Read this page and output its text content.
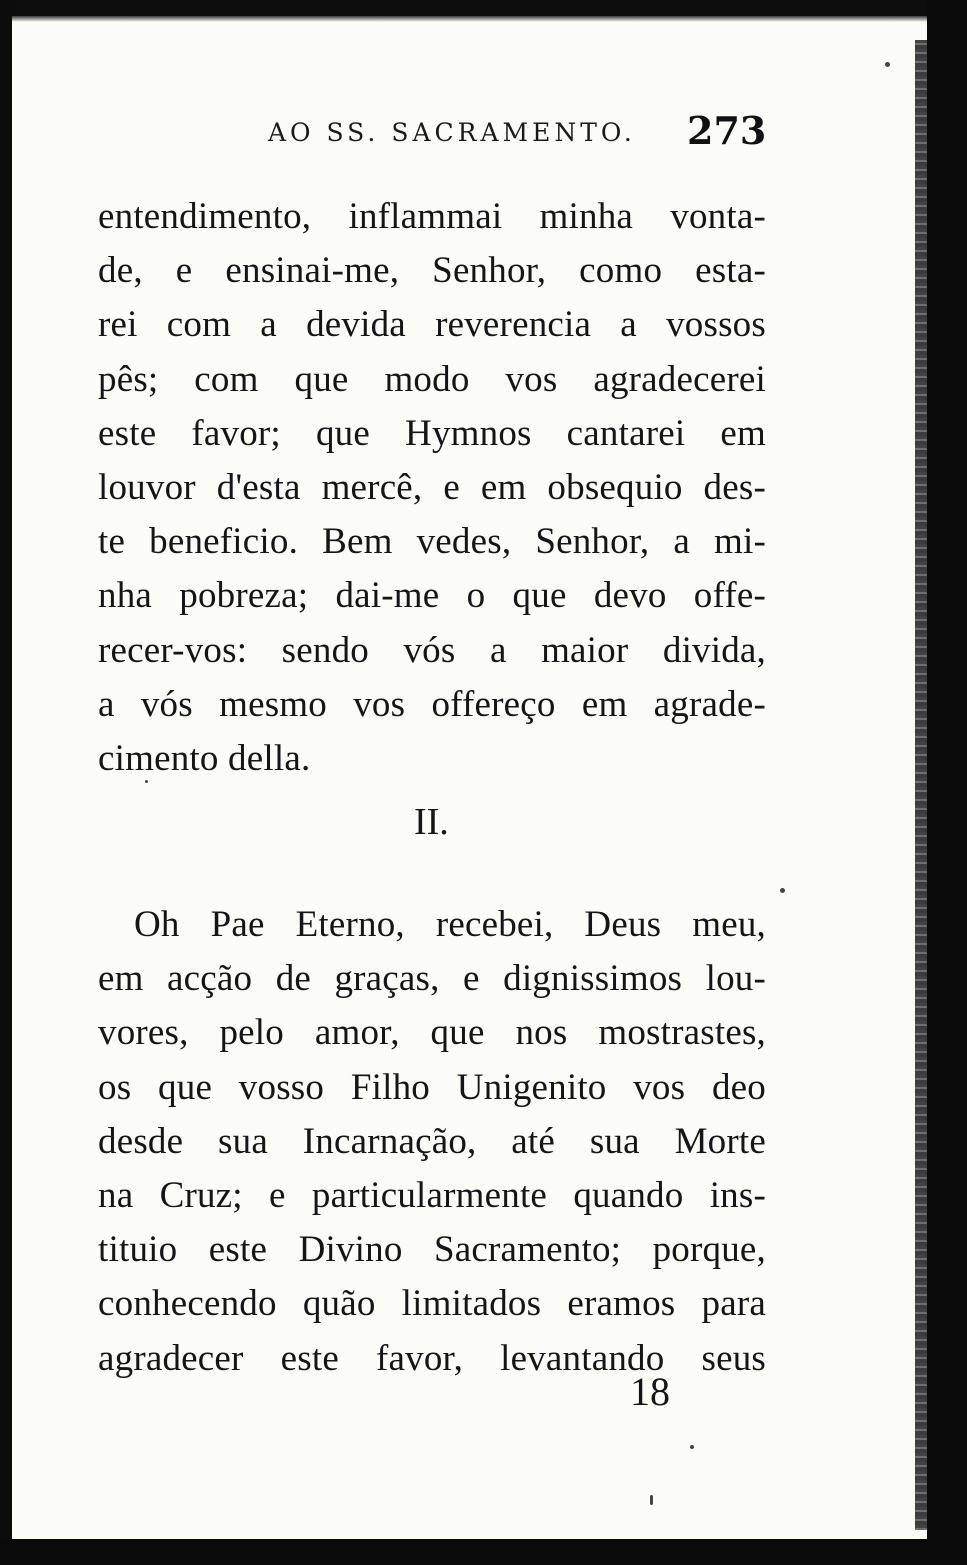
AO SS. SACRAMENTO. 273
entendimento, inflammai minha vonta-
de, e ensinai-me, Senhor, como esta-
rei com a devida reverencia a vossos
pês; com que modo vos agradecerei
este favor; que Hymnos cantarei em
louvor d'esta mercê, e em obsequio des-
te beneficio. Bem vedes, Senhor, a mi-
nha pobreza; dai-me o que devo offe-
recer-vos: sendo vós a maior divida,
a vós mesmo vos offereço em agrade-
cimento della.
II.
Oh Pae Eterno, recebei, Deus meu,
em acção de graças, e dignissimos lou-
vores, pelo amor, que nos mostrastes,
os que vosso Filho Unigenito vos deo
desde sua Incarnação, até sua Morte
na Cruz; e particularmente quando ins-
tituio este Divino Sacramento; porque,
conhecendo quão limitados eramos para
agradecer este favor, levantando seus
18
